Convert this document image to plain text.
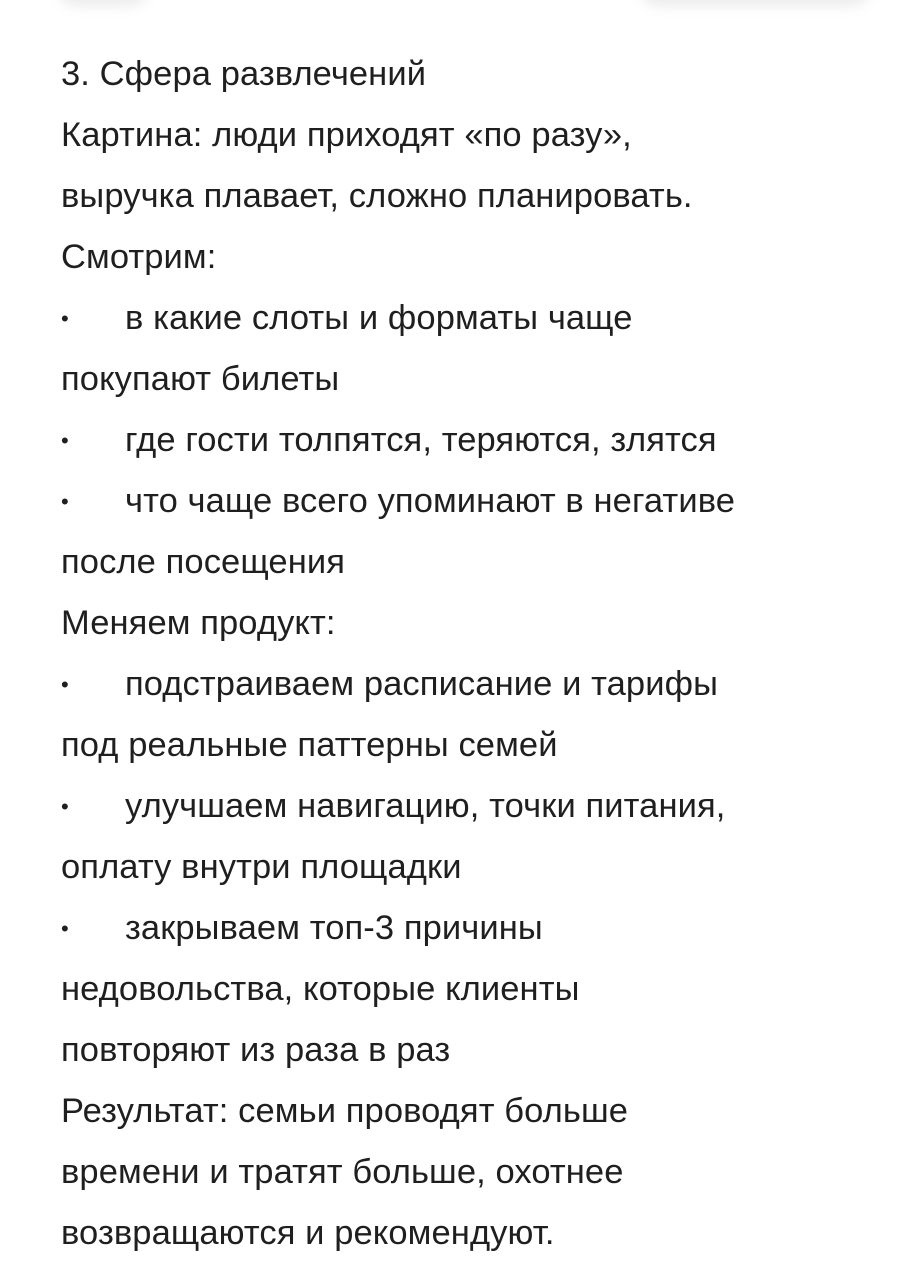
3. Сфера развлечений
Картина: люди приходят «по разу»,
выручка плавает, сложно планировать.
Смотрим:
• в какие слоты и форматы чаще
покупают билеты
• где гости толпятся, теряются, злятся
• что чаще всего упоминают в негативе
после посещения
Меняем продукт:
• подстраиваем расписание и тарифы
под реальные паттерны семей
• улучшаем навигацию, точки питания,
оплату внутри площадки
• закрываем топ-3 причины
недовольства, которые клиенты
повторяют из раза в раз
Результат: семьи проводят больше
времени и тратят больше, охотнее
возвращаются и рекомендуют.
